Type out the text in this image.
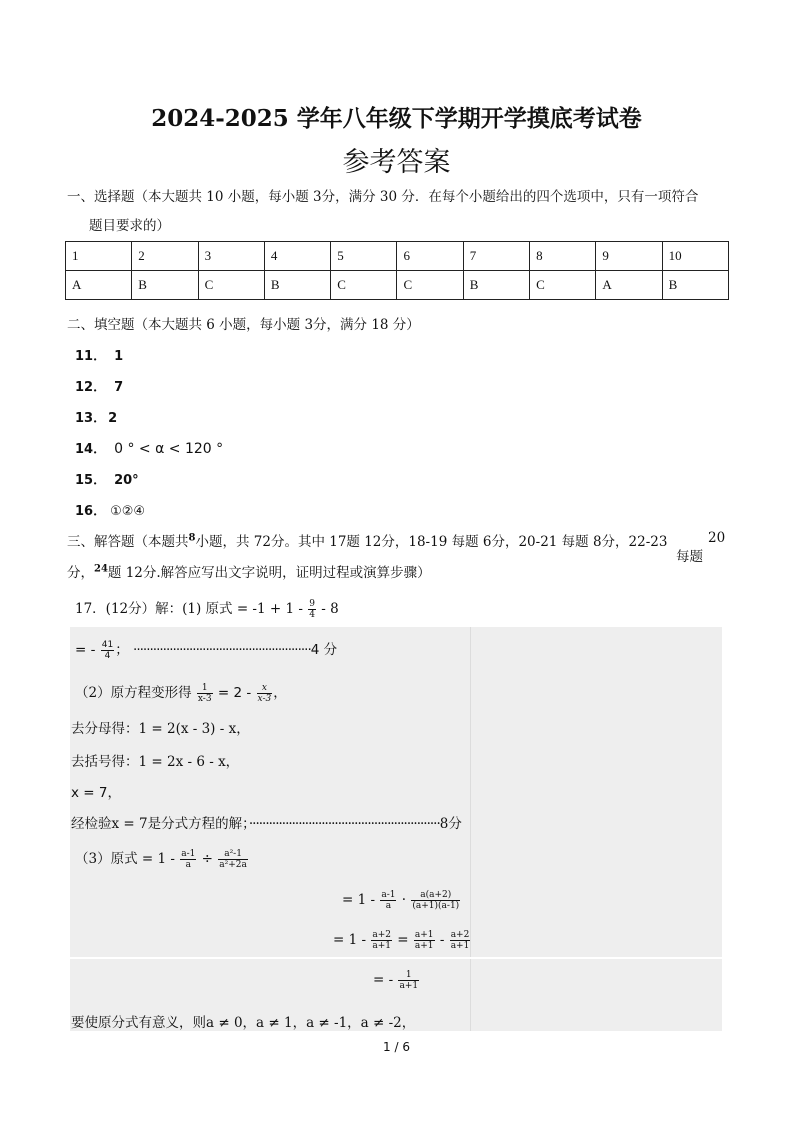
2024-2025 学年八年级下学期开学摸底考试卷
参考答案
一、选择题（本大题共 10 小题，每小题 3分，满分 30 分．在每个小题给出的四个选项中，只有一项符合
题目要求的）
1	2	3	4	5	6	7	8	9	10
A	B	C	B	C	C	B	C	A	B
二、填空题（本大题共 6 小题，每小题 3分，满分 18 分）
11． 1
12． 7
13． 2
14． 0 ° < α < 120 °
15． 20°
16． ①②④
三、解答题（本题共$^8$小题，共 72分。其中 17题 12分，18-19 每题 6分，20-21 每题 8分，22-23
每题
20
分，$^{24}$题 12分.解答应写出文字说明，证明过程或演算步骤）
17．(12分）解：(1) 原式 = $-1 + 1 - \frac{9}{4} - 8$
= - $\frac{41}{4}$ ； ······················································4 分
（2）原方程变形得 $\frac{1}{x-3} = 2 - \frac{x}{x-3}$ ，
去分母得：1 = 2(x - 3) - x，
去括号得：1 = 2x - 6 - x，
x = 7，
经检验x = 7是分式方程的解；··························································8分
（3）原式 = $1 - \frac{a-1}{a} \div \frac{\text{a²-1}}{\text{a²+2a}}$
= $1 - \frac{a-1}{a} \cdot \frac{a(a+2)}{(a+1)(a-1)}$
= $1 - \frac{a+2}{a+1} = \frac{a+1}{a+1} - \frac{a+2}{a+1}$
= - $\frac{1}{a+1}$
要使原分式有意义，则a ≠ 0，a ≠ 1，a ≠ -1，a ≠ -2，
1 / 6
